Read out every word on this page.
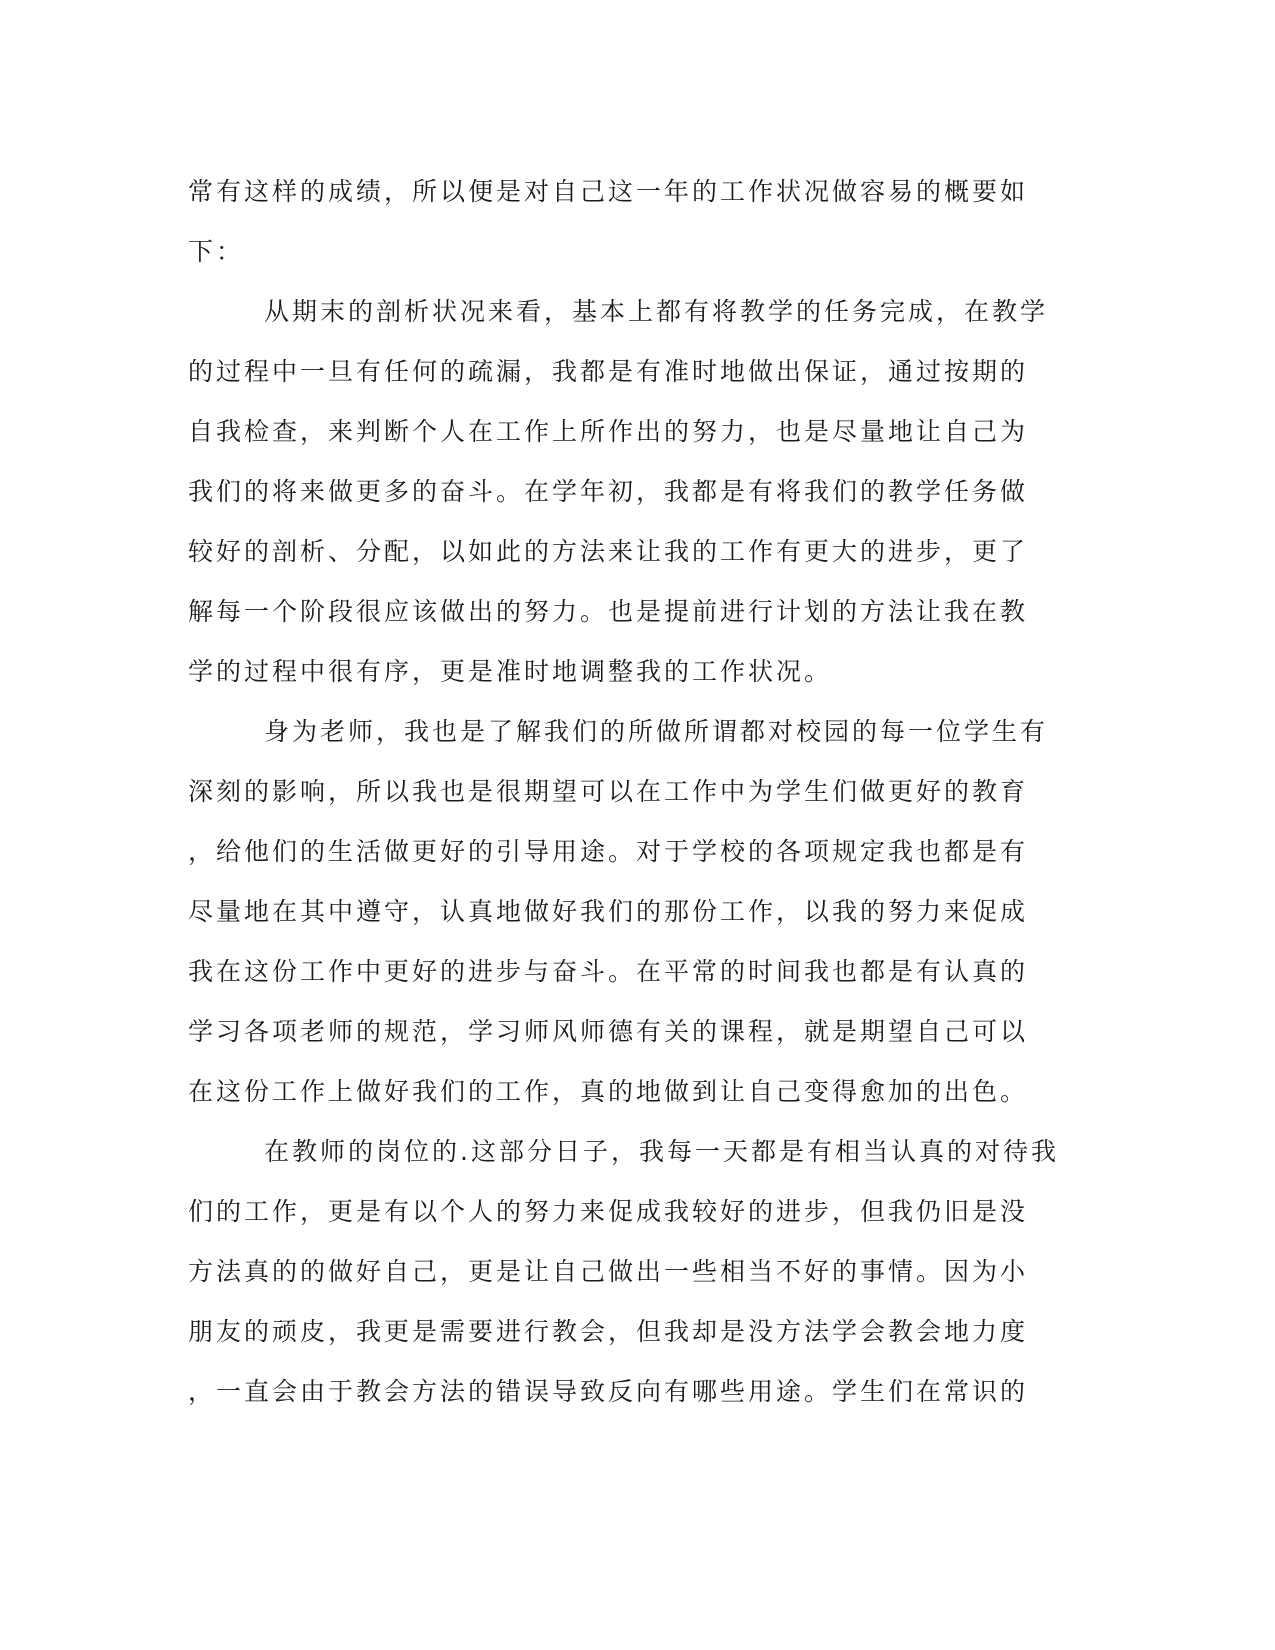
常有这样的成绩，所以便是对自己这一年的工作状况做容易的概要如
下：
从期末的剖析状况来看，基本上都有将教学的任务完成，在教学
的过程中一旦有任何的疏漏，我都是有准时地做出保证，通过按期的
自我检查，来判断个人在工作上所作出的努力，也是尽量地让自己为
我们的将来做更多的奋斗。在学年初，我都是有将我们的教学任务做
较好的剖析、分配，以如此的方法来让我的工作有更大的进步，更了
解每一个阶段很应该做出的努力。也是提前进行计划的方法让我在教
学的过程中很有序，更是准时地调整我的工作状况。
身为老师，我也是了解我们的所做所谓都对校园的每一位学生有
深刻的影响，所以我也是很期望可以在工作中为学生们做更好的教育
，给他们的生活做更好的引导用途。对于学校的各项规定我也都是有
尽量地在其中遵守，认真地做好我们的那份工作，以我的努力来促成
我在这份工作中更好的进步与奋斗。在平常的时间我也都是有认真的
学习各项老师的规范，学习师风师德有关的课程，就是期望自己可以
在这份工作上做好我们的工作，真的地做到让自己变得愈加的出色。
在教师的岗位的.这部分日子，我每一天都是有相当认真的对待我
们的工作，更是有以个人的努力来促成我较好的进步，但我仍旧是没
方法真的的做好自己，更是让自己做出一些相当不好的事情。因为小
朋友的顽皮，我更是需要进行教会，但我却是没方法学会教会地力度
，一直会由于教会方法的错误导致反向有哪些用途。学生们在常识的
